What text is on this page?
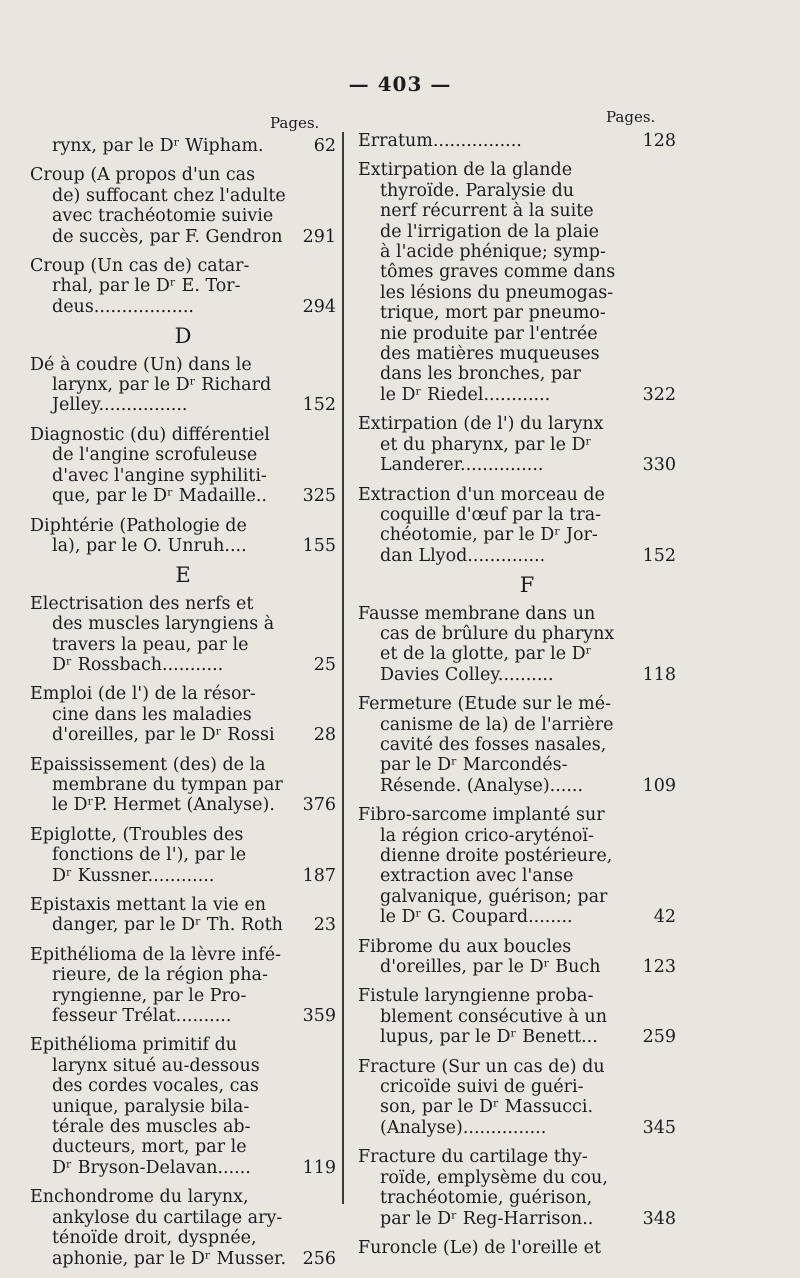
— 403 —
Pages.	Pages.
rynx, par le Dʳ Wipham.	62
Croup (A propos d'un cas
de) suffocant chez l'adulte
avec trachéotomie suivie
de succès, par F. Gendron	291
Croup (Un cas de) catar-
rhal, par le Dʳ E. Tor-
deus..................	294
D
Dé à coudre (Un) dans le
larynx, par le Dʳ Richard
Jelley................	152
Diagnostic (du) différentiel
de l'angine scrofuleuse
d'avec l'angine syphiliti-
que, par le Dʳ Madaille..	325
Diphtérie (Pathologie de
la), par le O. Unruh....	155
E
Electrisation des nerfs et
des muscles laryngiens à
travers la peau, par le
Dʳ Rossbach...........	25
Emploi (de l') de la résor-
cine dans les maladies
d'oreilles, par le Dʳ Rossi	28
Epaississement (des) de la
membrane du tympan par
le DʳP. Hermet (Analyse).	376
Epiglotte, (Troubles des
fonctions de l'), par le
Dʳ Kussner............	187
Epistaxis mettant la vie en
danger, par le Dʳ Th. Roth	23
Epithélioma de la lèvre infé-
rieure, de la région pha-
ryngienne, par le Pro-
fesseur Trélat..........	359
Epithélioma primitif du
larynx situé au-dessous
des cordes vocales, cas
unique, paralysie bila-
térale des muscles ab-
ducteurs, mort, par le
Dʳ Bryson-Delavan......	119
Enchondrome du larynx,
ankylose du cartilage ary-
ténoïde droit, dyspnée,
aphonie, par le Dʳ Musser. 256
Erratum................	128
Extirpation de la glande
thyroïde. Paralysie du
nerf récurrent à la suite
de l'irrigation de la plaie
à l'acide phénique; symp-
tômes graves comme dans
les lésions du pneumogas-
trique, mort par pneumo-
nie produite par l'entrée
des matières muqueuses
dans les bronches, par
le Dʳ Riedel............	322
Extirpation (de l') du larynx
et du pharynx, par le Dʳ
Landerer...............	330
Extraction d'un morceau de
coquille d'œuf par la tra-
chéotomie, par le Dʳ Jor-
dan Llyod..............	152
F
Fausse membrane dans un
cas de brûlure du pharynx
et de la glotte, par le Dʳ
Davies Colley..........	118
Fermeture (Etude sur le mé-
canisme de la) de l'arrière
cavité des fosses nasales,
par le Dʳ Marcondés-
Résende. (Analyse)......	109
Fibro-sarcome implanté sur
la région crico-aryténoï-
dienne droite postérieure,
extraction avec l'anse
galvanique, guérison; par
le Dʳ G. Coupard........	42
Fibrome du aux boucles
d'oreilles, par le Dʳ Buch	123
Fistule laryngienne proba-
blement consécutive à un
lupus, par le Dʳ Benett...	259
Fracture (Sur un cas de) du
cricoïde suivi de guéri-
son, par le Dʳ Massucci.
(Analyse)...............	345
Fracture du cartilage thy-
roïde, emplysème du cou,
trachéotomie, guérison,
par le Dʳ Reg-Harrison..	348
Furoncle (Le) de l'oreille et
